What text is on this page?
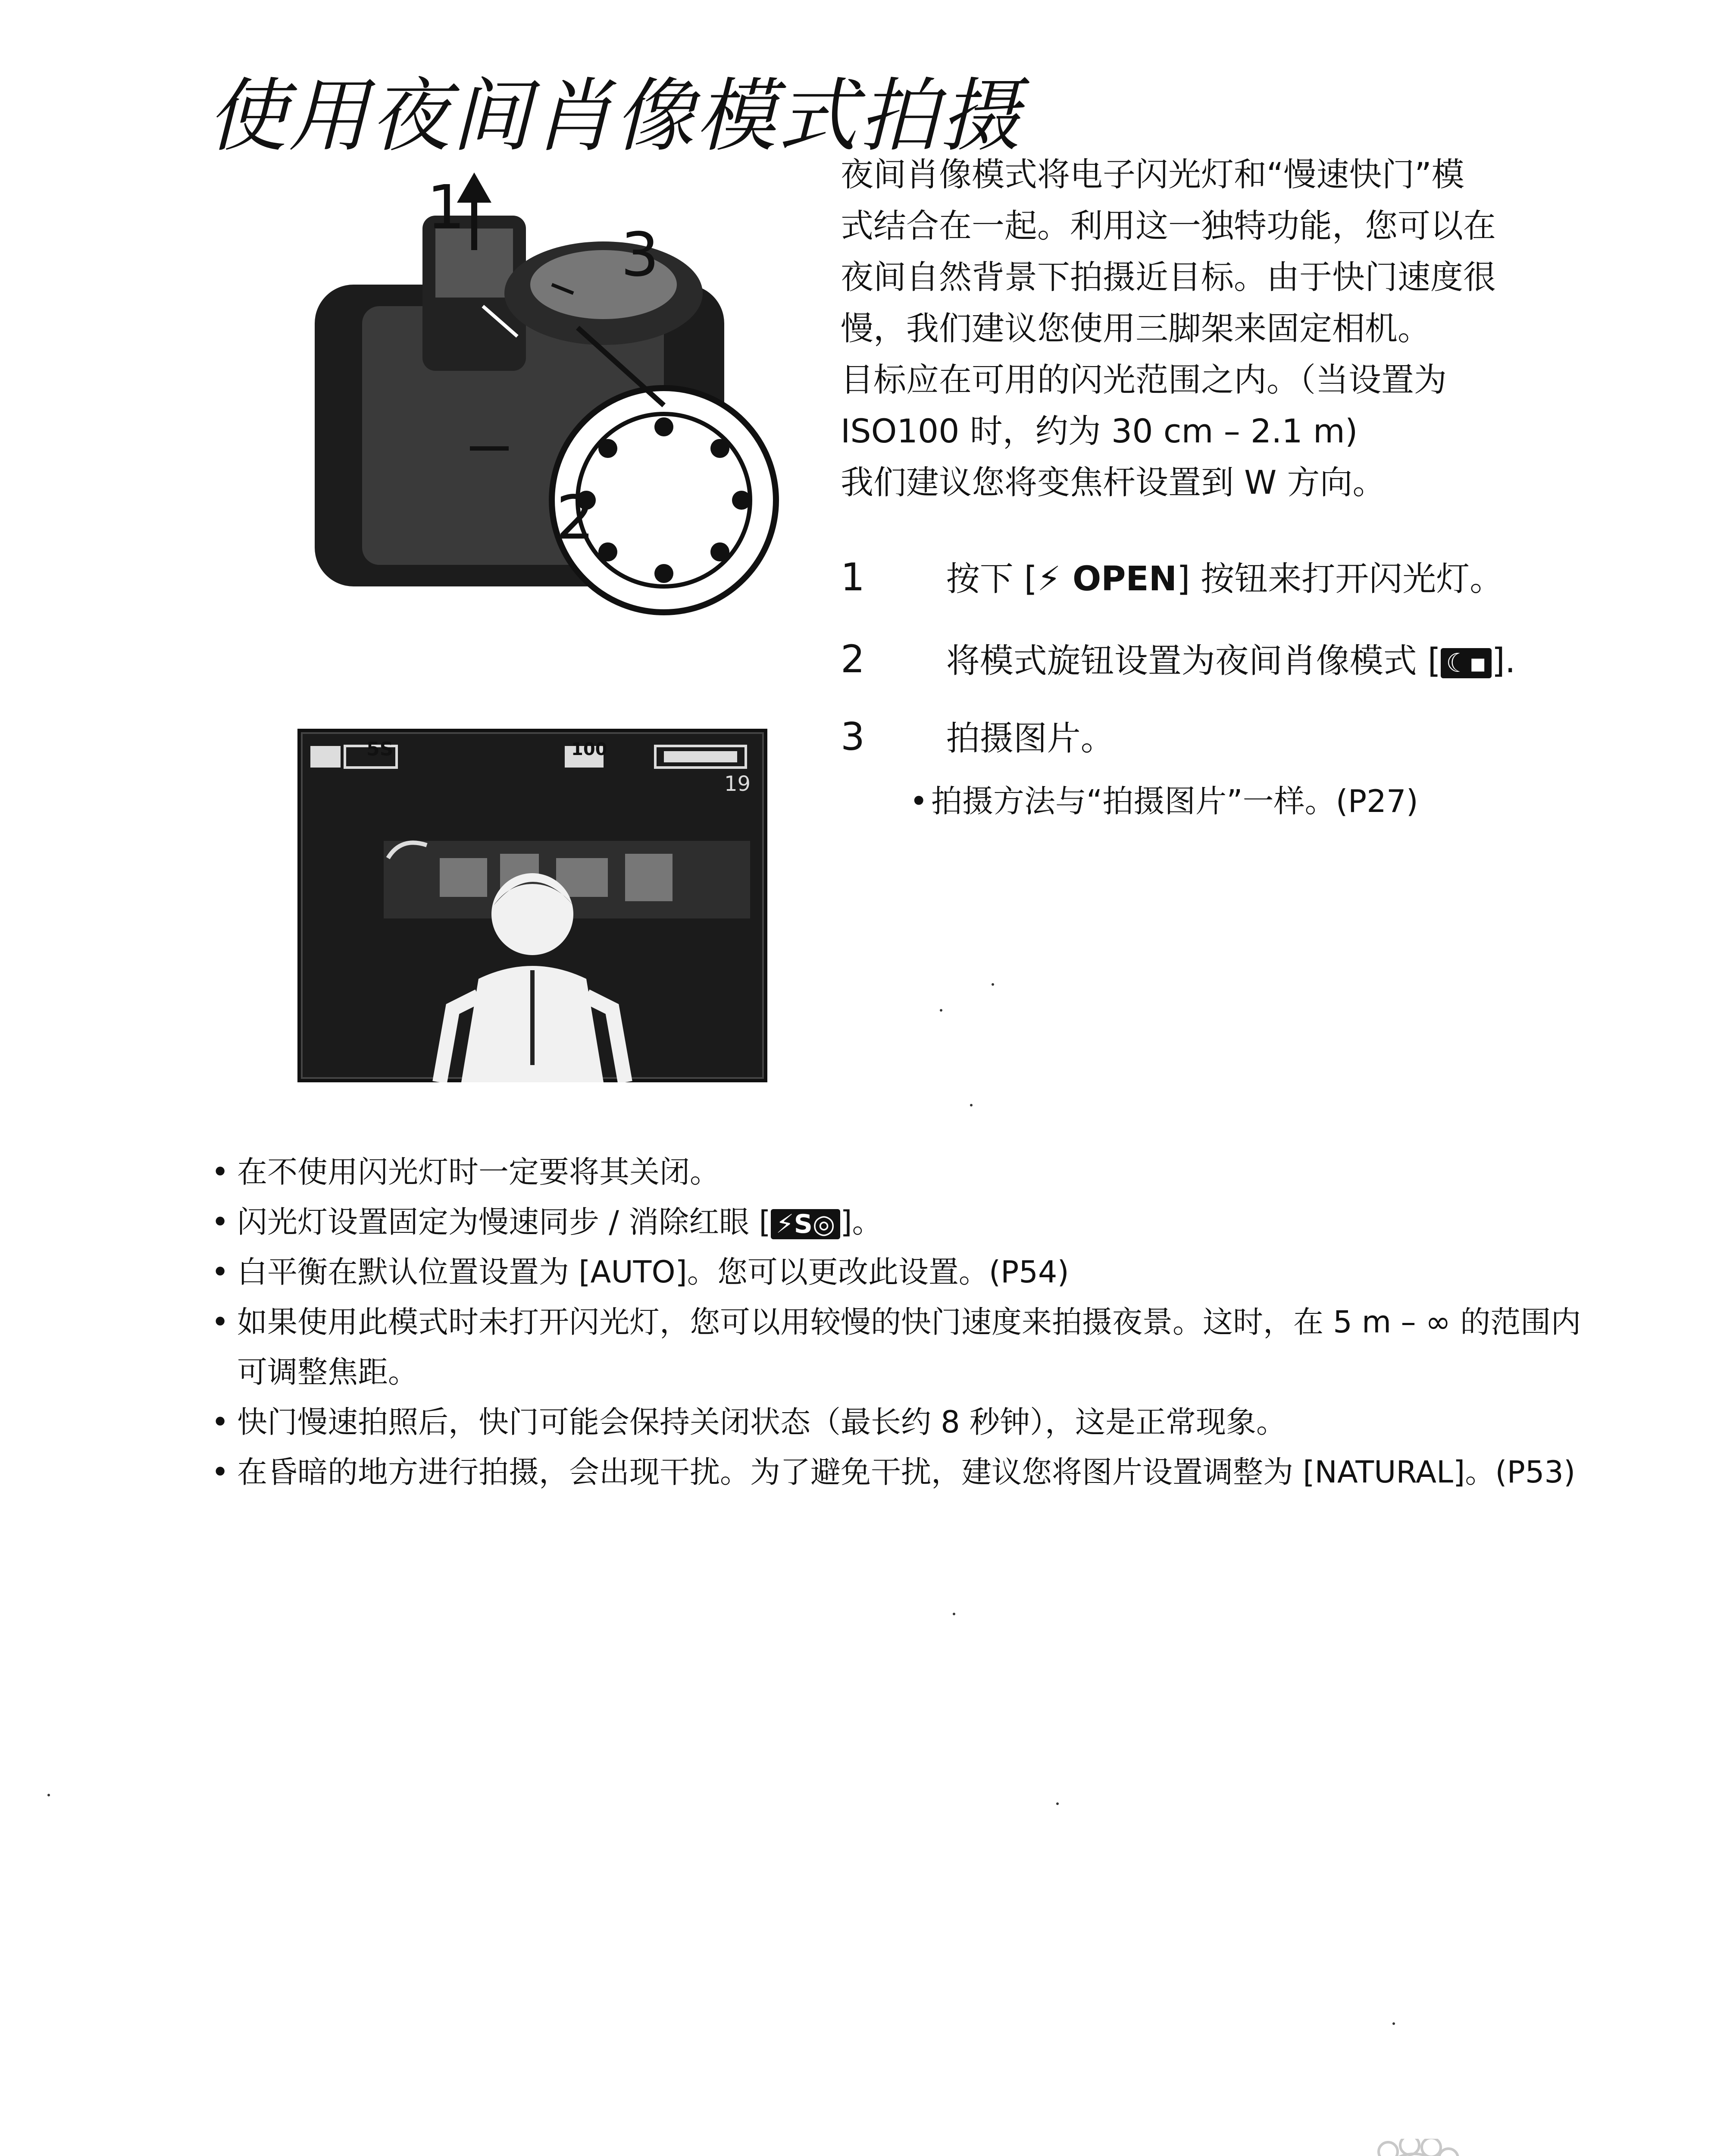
使用夜间肖像模式拍摄
1
3
2
5S	100
19

夜间肖像模式将电子闪光灯和“慢速快门”模

式结合在一起。利用这一独特功能，您可以在

夜间自然背景下拍摄近目标。由于快门速度很

慢，我们建议您使用三脚架来固定相机。

目标应在可用的闪光范围之内。（当设置为

ISO100 时，约为 30 cm – 2.1 m)

我们建议您将变焦杆设置到 W 方向。

1 按下 [⚡ OPEN] 按钮来打开闪光灯。
2 将模式旋钮设置为夜间肖像模式 [ ☾▪ ].
3 拍摄图片。
• 拍摄方法与“拍摄图片”一样。(P27)
• 在不使用闪光灯时一定要将其关闭。
• 闪光灯设置固定为慢速同步 / 消除红眼 [ ⚡S◎ ]。
• 白平衡在默认位置设置为 [AUTO]。您可以更改此设置。(P54)
• 如果使用此模式时未打开闪光灯，您可以用较慢的快门速度来拍摄夜景。这时，在 5 m – ∞ 的范围内可调整焦距。
• 快门慢速拍照后，快门可能会保持关闭状态（最长约 8 秒钟），这是正常现象。
• 在昏暗的地方进行拍摄，会出现干扰。为了避免干扰，建议您将图片设置调整为 [NATURAL]。(P53)
